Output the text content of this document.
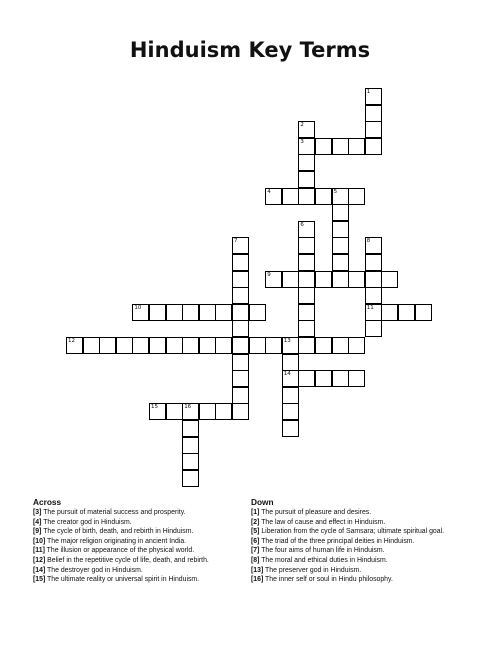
Hinduism Key Terms
1
2
3
4	5
6
7	8
11
9
10
12	13
14
15	16
Across
[3] The pursuit of material success and prosperity.
[4] The creator god in Hinduism.
[9] The cycle of birth, death, and rebirth in Hinduism.
[10] The major religion originating in ancient India.
[11] The illusion or appearance of the physical world.
[12] Belief in the repetitive cycle of life, death, and rebirth.
[14] The destroyer god in Hinduism.
[15] The ultimate reality or universal spirit in Hinduism.
Down
[1] The pursuit of pleasure and desires.
[2] The law of cause and effect in Hinduism.
[5] Liberation from the cycle of Samsara; ultimate spiritual goal.
[6] The triad of the three principal deities in Hinduism.
[7] The four aims of human life in Hinduism.
[8] The moral and ethical duties in Hinduism.
[13] The preserver god in Hinduism.
[16] The inner self or soul in Hindu philosophy.
